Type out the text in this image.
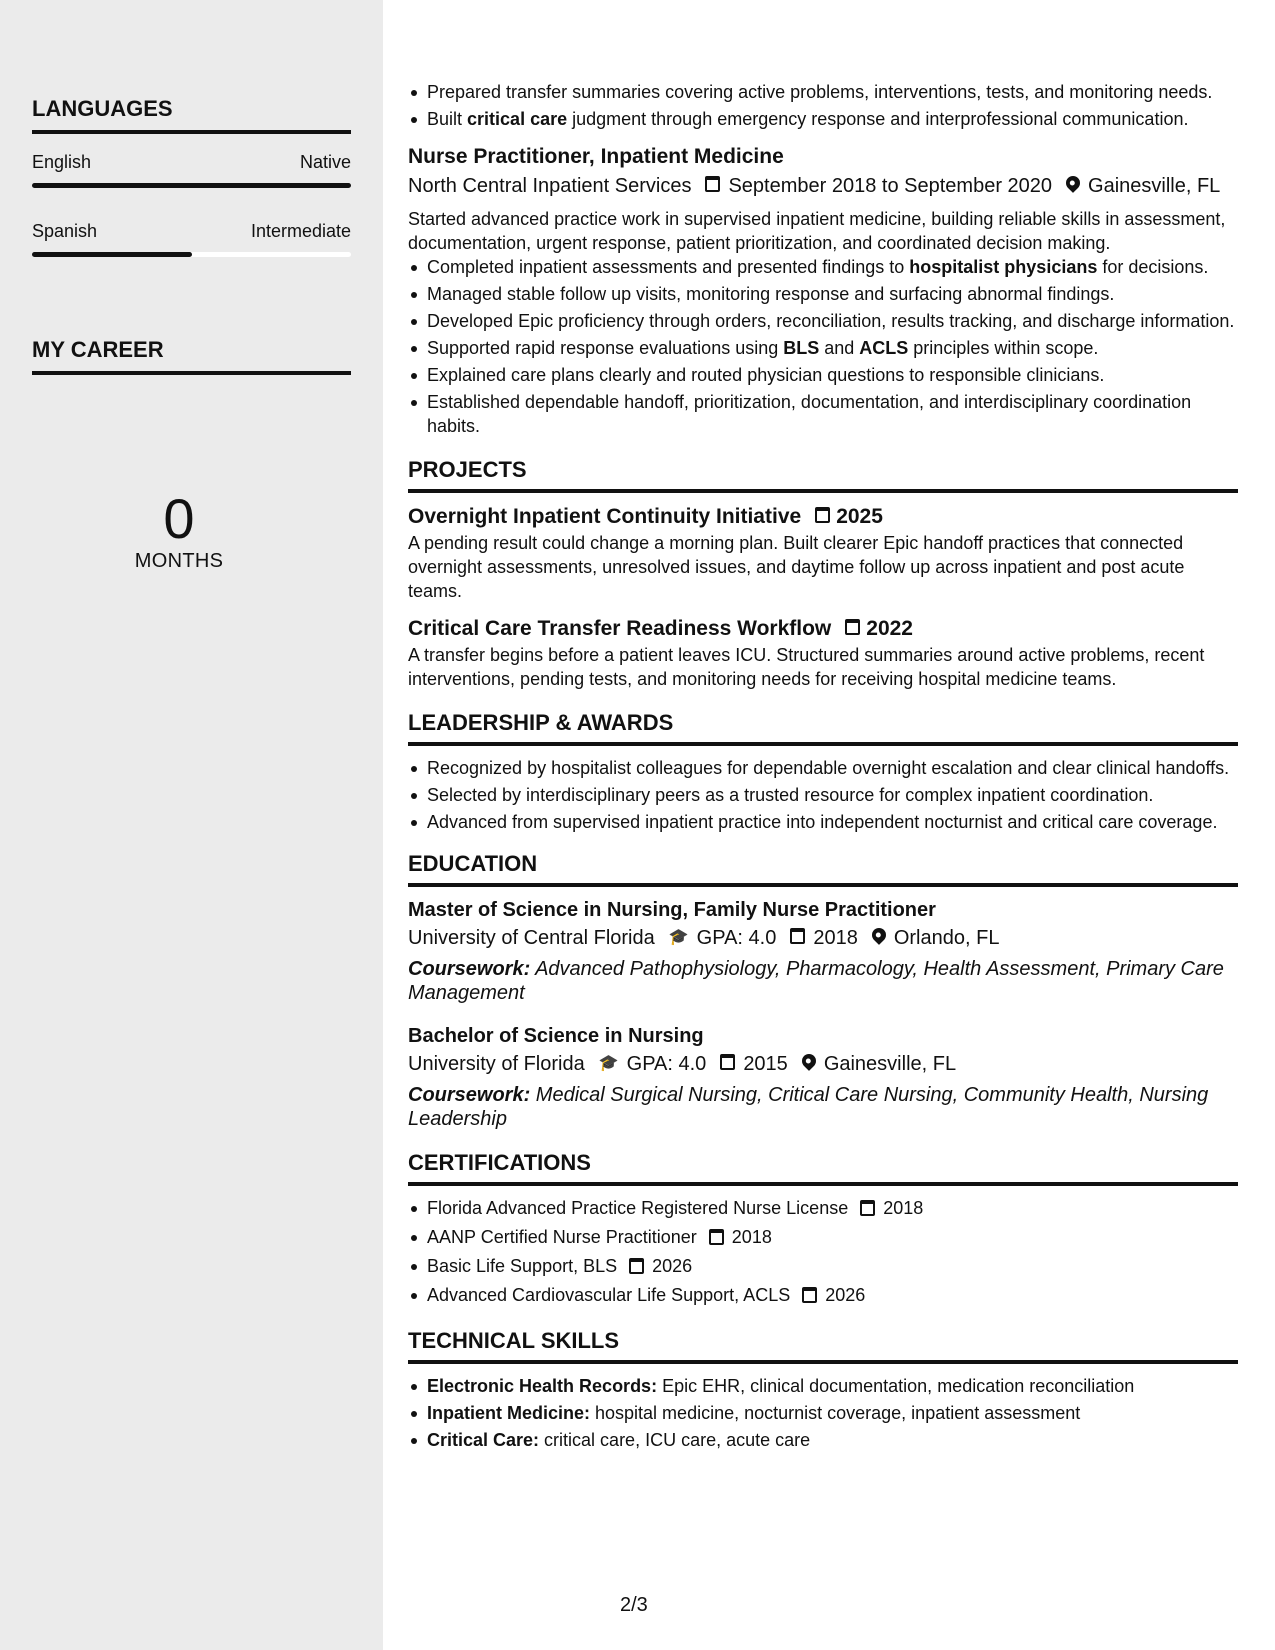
LANGUAGES
English	Native
Spanish	Intermediate
MY CAREER
0
MONTHS
Prepared transfer summaries covering active problems, interventions, tests, and monitoring needs.
Built critical care judgment through emergency response and interprofessional communication.
Nurse Practitioner, Inpatient Medicine
North Central Inpatient Services September 2018 to September 2020 Gainesville, FL
Started advanced practice work in supervised inpatient medicine, building reliable skills in assessment, documentation, urgent response, patient prioritization, and coordinated decision making.
Completed inpatient assessments and presented findings to hospitalist physicians for decisions.
Managed stable follow up visits, monitoring response and surfacing abnormal findings.
Developed Epic proficiency through orders, reconciliation, results tracking, and discharge information.
Supported rapid response evaluations using BLS and ACLS principles within scope.
Explained care plans clearly and routed physician questions to responsible clinicians.
Established dependable handoff, prioritization, documentation, and interdisciplinary coordination habits.
PROJECTS
Overnight Inpatient Continuity Initiative 2025
A pending result could change a morning plan. Built clearer Epic handoff practices that connected overnight assessments, unresolved issues, and daytime follow up across inpatient and post acute teams.
Critical Care Transfer Readiness Workflow 2022
A transfer begins before a patient leaves ICU. Structured summaries around active problems, recent interventions, pending tests, and monitoring needs for receiving hospital medicine teams.
LEADERSHIP & AWARDS
Recognized by hospitalist colleagues for dependable overnight escalation and clear clinical handoffs.
Selected by interdisciplinary peers as a trusted resource for complex inpatient coordination.
Advanced from supervised inpatient practice into independent nocturnist and critical care coverage.
EDUCATION
Master of Science in Nursing, Family Nurse Practitioner
University of Central Florida 🎓 GPA: 4.0 2018 Orlando, FL
Coursework: Advanced Pathophysiology, Pharmacology, Health Assessment, Primary Care Management
Bachelor of Science in Nursing
University of Florida 🎓 GPA: 4.0 2015 Gainesville, FL
Coursework: Medical Surgical Nursing, Critical Care Nursing, Community Health, Nursing Leadership
CERTIFICATIONS
Florida Advanced Practice Registered Nurse License 2018
AANP Certified Nurse Practitioner 2018
Basic Life Support, BLS 2026
Advanced Cardiovascular Life Support, ACLS 2026
TECHNICAL SKILLS
Electronic Health Records: Epic EHR, clinical documentation, medication reconciliation
Inpatient Medicine: hospital medicine, nocturnist coverage, inpatient assessment
Critical Care: critical care, ICU care, acute care
2/3
